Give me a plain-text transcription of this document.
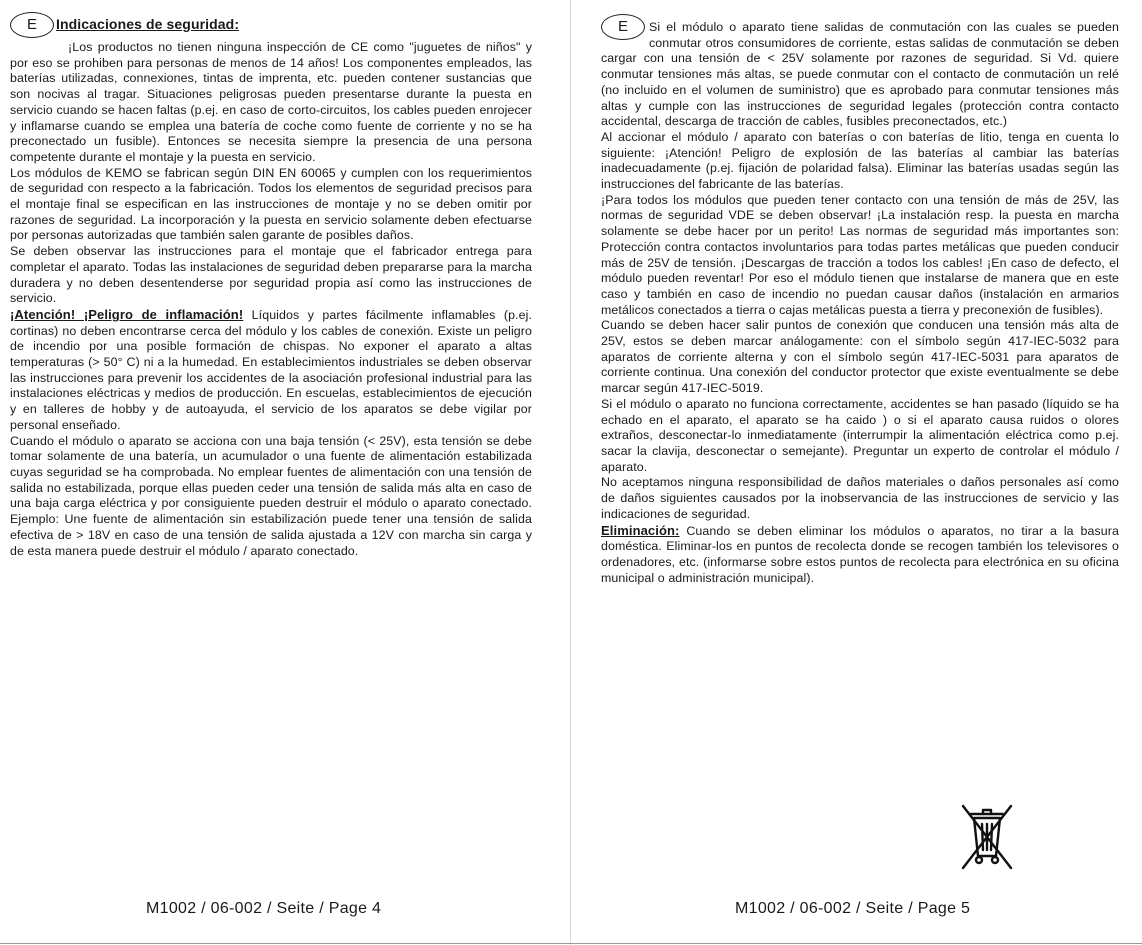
E	Indicaciones de seguridad:

¡Los productos no tienen ninguna inspección de CE como "juguetes de niños" y por eso se prohiben para personas de menos de 14 años! Los componentes empleados, las baterías utilizadas, connexiones, tintas de imprenta, etc. pueden contener sustancias que son nocivas al tragar. Situaciones peligrosas pueden presentarse durante la puesta en servicio cuando se hacen faltas (p.ej. en caso de corto-circuitos, los cables pueden enrojecer y inflamarse cuando se emplea una batería de coche como fuente de corriente y no se ha preconectado un fusible). Entonces se necesita siempre la presencia de una persona competente durante el montaje y la puesta en servicio.

Los módulos de KEMO se fabrican según DIN EN 60065 y cumplen con los requerimientos de seguridad con respecto a la fabricación. Todos los elementos de seguridad precisos para el montaje final se especifican en las instrucciones de montaje y no se deben omitir por razones de seguridad. La incorporación y la puesta en servicio solamente deben efectuarse por personas autorizadas que también salen garante de posibles daños.

Se deben observar las instrucciones para el montaje que el fabricador entrega para completar el aparato. Todas las instalaciones de seguridad deben prepararse para la marcha duradera y no deben desentenderse por seguridad propia así como las instrucciones de servicio.

¡Atención! ¡Peligro de inflamación! Líquidos y partes fácilmente inflamables (p.ej. cortinas) no deben encontrarse cerca del módulo y los cables de conexión. Existe un peligro de incendio por una posible formación de chispas. No exponer el aparato a altas temperaturas (> 50° C) ni a la humedad. En establecimientos industriales se deben observar las instrucciones para prevenir los accidentes de la asociación profesional industrial para las instalaciones eléctricas y medios de producción. En escuelas, establecimientos de ejecución y en talleres de hobby y de autoayuda, el servicio de los aparatos se debe vigilar por personal enseñado.

Cuando el módulo o aparato se acciona con una baja tensión (< 25V), esta tensión se debe tomar solamente de una batería, un acumulador o una fuente de alimentación estabilizada cuyas seguridad se ha comprobada. No emplear fuentes de alimentación con una tensión de salida no estabilizada, porque ellas pueden ceder una tensión de salida más alta en caso de una baja carga eléctrica y por consiguiente pueden destruir el módulo o aparato conectado. Ejemplo: Une fuente de alimentación sin estabilización puede tener una tensión de salida efectiva de > 18V en caso de una tensión de salida ajustada a 12V con marcha sin carga y de esta manera puede destruir el módulo / aparato conectado.

M1002 / 06-002 / Seite / Page 4

E	Si el módulo o aparato tiene salidas de conmutación con las cuales se pueden conmutar otros consumidores de corriente, estas salidas de conmutación se deben cargar con una tensión de < 25V solamente por razones de seguridad. Si Vd. quiere conmutar tensiones más altas, se puede conmutar con el contacto de conmutación un relé (no incluido en el volumen de suministro) que es aprobado para conmutar tensiones más altas y cumple con las instrucciones de seguridad legales (protección contra contacto accidental, descarga de tracción de cables, fusibles preconectados, etc.)

Al accionar el módulo / aparato con baterías o con baterías de litio, tenga en cuenta lo siguiente: ¡Atención! Peligro de explosión de las baterías al cambiar las baterías inadecuadamente (p.ej. fijación de polaridad falsa). Eliminar las baterías usadas según las instrucciones del fabricante de las baterías.

¡Para todos los módulos que pueden tener contacto con una tensión de más de 25V, las normas de seguridad VDE se deben observar! ¡La instalación resp. la puesta en marcha solamente se debe hacer por un perito! Las normas de seguridad más importantes son: Protección contra contactos involuntarios para todas partes metálicas que pueden conducir más de 25V de tensión. ¡Descargas de tracción a todos los cables! ¡En caso de defecto, el módulo pueden reventar! Por eso el módulo tienen que instalarse de manera que en este caso y también en caso de incendio no puedan causar daños (instalación en armarios metálicos conectados a tierra o cajas metálicas puesta a tierra y preconexión de fusibles).

Cuando se deben hacer salir puntos de conexión que conducen una tensión más alta de 25V, estos se deben marcar análogamente: con el símbolo según 417-IEC-5032 para aparatos de corriente alterna y con el símbolo según 417-IEC-5031 para aparatos de corriente continua. Una conexión del conductor protector que existe eventualmente se debe marcar según 417-IEC-5019.

Si el módulo o aparato no funciona correctamente, accidentes se han pasado (líquido se ha echado en el aparato, el aparato se ha caido ) o si el aparato causa ruidos o olores extraños, desconectar-lo inmediatamente (interrumpir la alimentación eléctrica como p.ej. sacar la clavija, desconectar o semejante). Preguntar un experto de controlar el módulo / aparato.

No aceptamos ninguna responsibilidad de daños materiales o daños personales así como de daños siguientes causados por la inobservancia de las instrucciones de servicio y las indicaciones de seguridad.

Eliminación: Cuando se deben eliminar los módulos o aparatos, no tirar a la basura doméstica. Eliminar-los en puntos de recolecta donde se recogen también los televisores o ordenadores, etc. (informarse sobre estos puntos de recolecta para electrónica en su oficina municipal o administración municipal).

M1002 / 06-002 / Seite / Page 5
